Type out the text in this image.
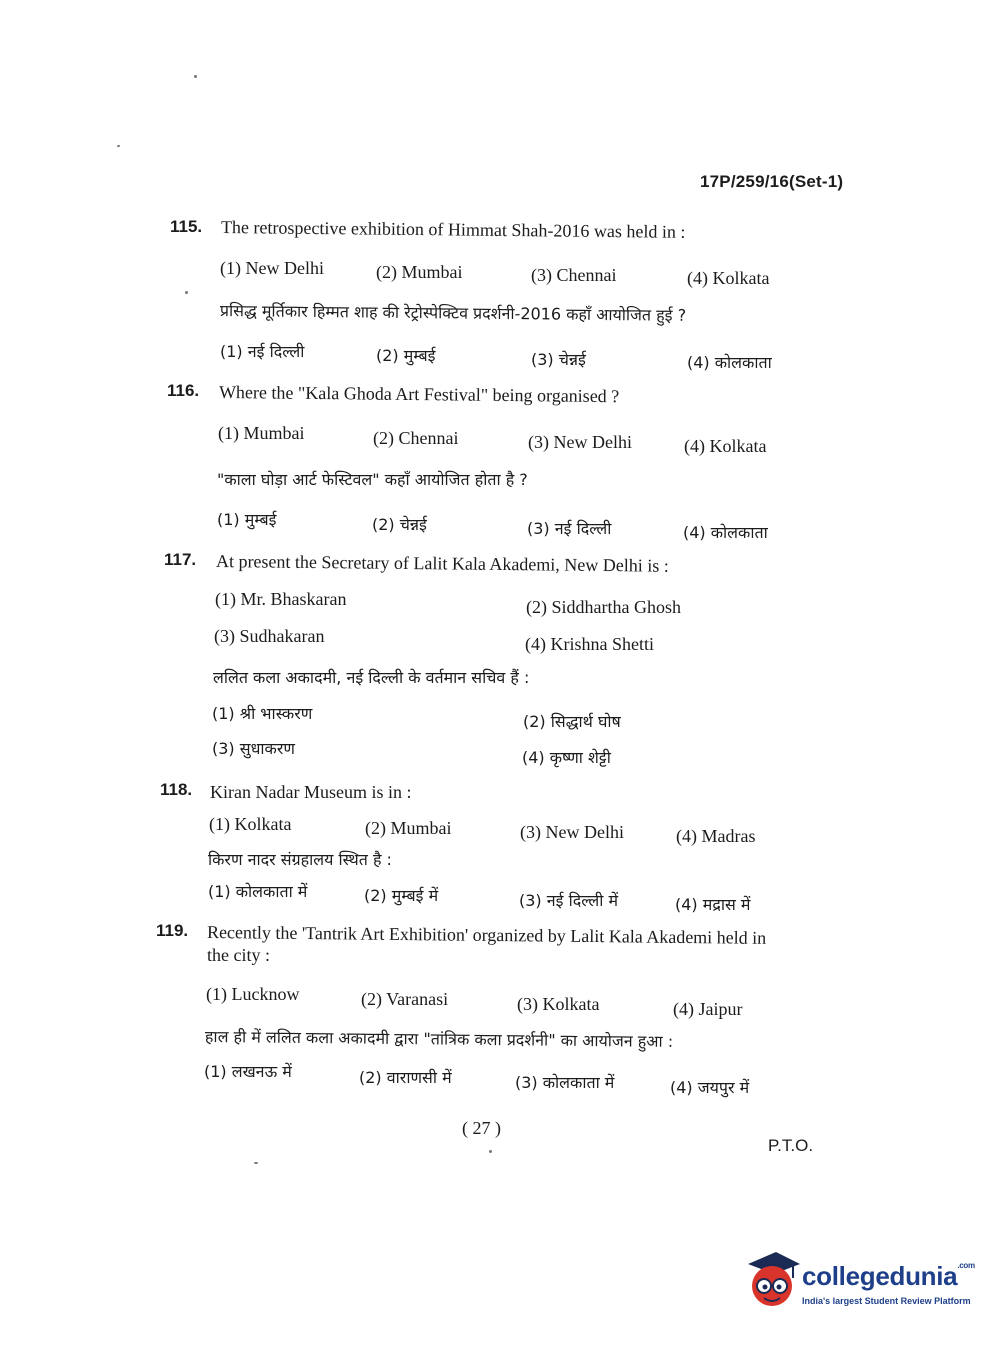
17P/259/16(Set-1)
115. The retrospective exhibition of Himmat Shah-2016 was held in :
(1) New Delhi	(2) Mumbai	(3) Chennai	(4) Kolkata
प्रसिद्ध मूर्तिकार हिम्मत शाह की रेट्रोस्पेक्टिव प्रदर्शनी-2016 कहाँ आयोजित हुई ?
(1) नई दिल्ली	(2) मुम्बई	(3) चेन्नई	(4) कोलकाता
116. Where the "Kala Ghoda Art Festival" being organised ?
(1) Mumbai	(2) Chennai	(3) New Delhi	(4) Kolkata
"काला घोड़ा आर्ट फेस्टिवल" कहाँ आयोजित होता है ?
(1) मुम्बई	(2) चेन्नई	(3) नई दिल्ली	(4) कोलकाता
117. At present the Secretary of Lalit Kala Akademi, New Delhi is :
(1) Mr. Bhaskaran	(2) Siddhartha Ghosh
(3) Sudhakaran	(4) Krishna Shetti
ललित कला अकादमी, नई दिल्ली के वर्तमान सचिव हैं :
(1) श्री भास्करण	(2) सिद्धार्थ घोष
(3) सुधाकरण	(4) कृष्णा शेट्टी
118. Kiran Nadar Museum is in :
(1) Kolkata	(2) Mumbai	(3) New Delhi	(4) Madras
किरण नादर संग्रहालय स्थित है :
(1) कोलकाता में	(2) मुम्बई में	(3) नई दिल्ली में	(4) मद्रास में
119. Recently the 'Tantrik Art Exhibition' organized by Lalit Kala Akademi held in
the city :
(1) Lucknow	(2) Varanasi	(3) Kolkata	(4) Jaipur
हाल ही में ललित कला अकादमी द्वारा "तांत्रिक कला प्रदर्शनी" का आयोजन हुआ :
(1) लखनऊ में	(2) वाराणसी में	(3) कोलकाता में	(4) जयपुर में
( 27 )
P.T.O.
collegedunia$^{.com}$
India's largest Student Review Platform
